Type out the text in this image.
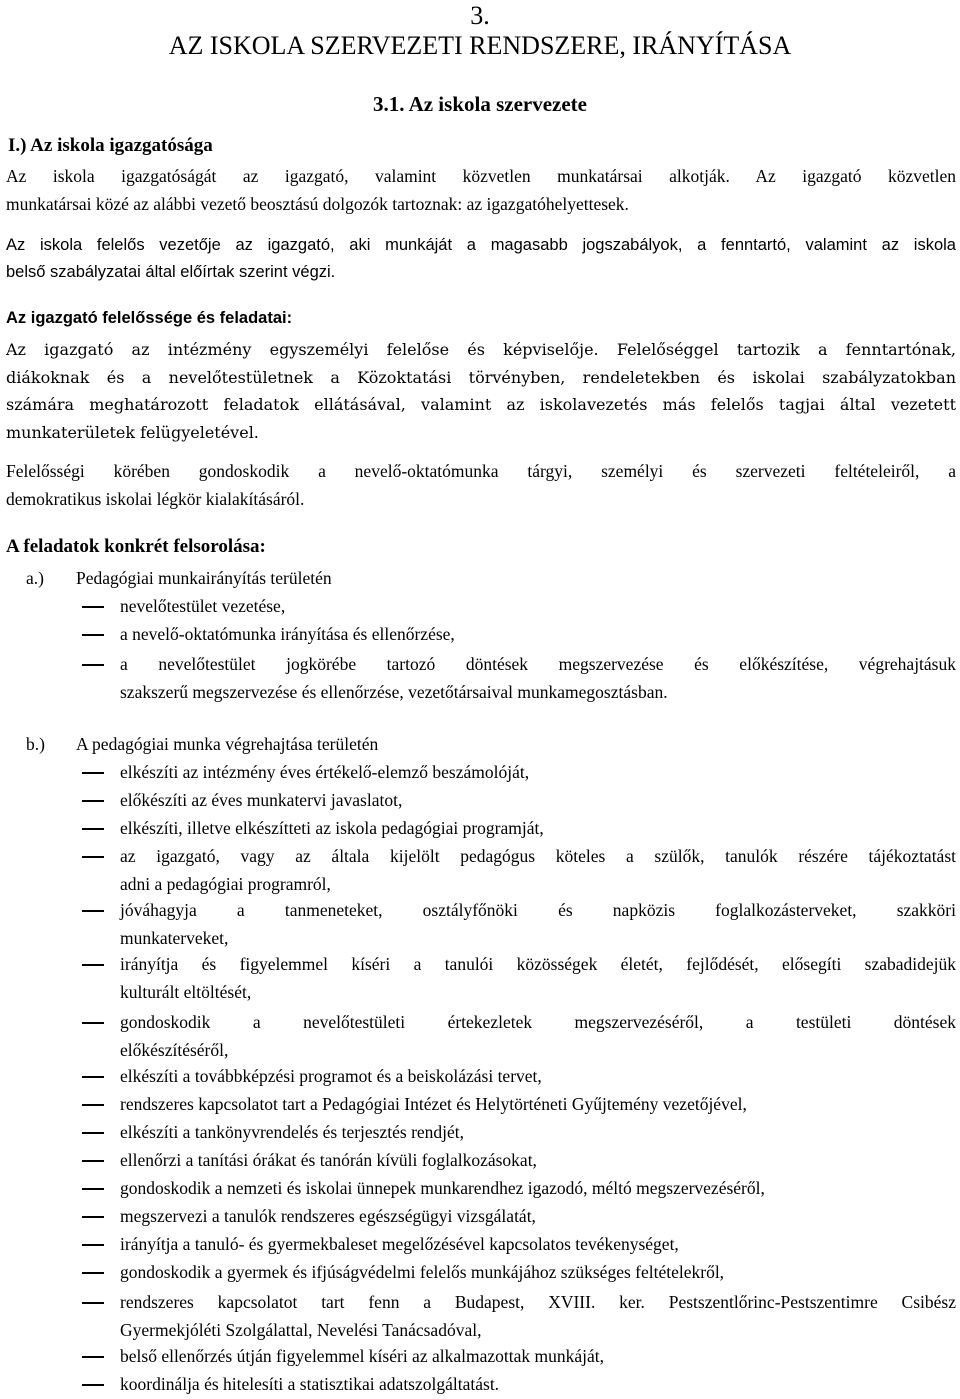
3.
AZ ISKOLA SZERVEZETI RENDSZERE, IRÁNYÍTÁSA
3.1. Az iskola szervezete
I.) Az iskola igazgatósága
Az iskola igazgatóságát az igazgató, valamint közvetlen munkatársai alkotják. Az igazgató közvetlen
munkatársai közé az alábbi vezető beosztású dolgozók tartoznak: az igazgatóhelyettesek.
Az iskola felelős vezetője az igazgató, aki munkáját a magasabb jogszabályok, a fenntartó, valamint az iskola
belső szabályzatai által előírtak szerint végzi.
Az igazgató felelőssége és feladatai:
Az igazgató az intézmény egyszemélyi felelőse és képviselője. Felelőséggel tartozik a fenntartónak,
diákoknak és a nevelőtestületnek a Közoktatási törvényben, rendeletekben és iskolai szabályzatokban
számára meghatározott feladatok ellátásával, valamint az iskolavezetés más felelős tagjai által vezetett
munkaterületek felügyeletével.
Felelősségi körében gondoskodik a nevelő-oktatómunka tárgyi, személyi és szervezeti feltételeiről, a
demokratikus iskolai légkör kialakításáról.
A feladatok konkrét felsorolása:
a.) Pedagógiai munkairányítás területén
nevelőtestület vezetése,
a nevelő-oktatómunka irányítása és ellenőrzése,
a nevelőtestület jogkörébe tartozó döntések megszervezése és előkészítése, végrehajtásuk
szakszerű megszervezése és ellenőrzése, vezetőtársaival munkamegosztásban.
b.) A pedagógiai munka végrehajtása területén
elkészíti az intézmény éves értékelő-elemző beszámolóját,
előkészíti az éves munkatervi javaslatot,
elkészíti, illetve elkészítteti az iskola pedagógiai programját,
az igazgató, vagy az általa kijelölt pedagógus köteles a szülők, tanulók részére tájékoztatást
adni a pedagógiai programról,
jóváhagyja a tanmeneteket, osztályfőnöki és napközis foglalkozásterveket, szakköri
munkaterveket,
irányítja és figyelemmel kíséri a tanulói közösségek életét, fejlődését, elősegíti szabadidejük
kulturált eltöltését,
gondoskodik a nevelőtestületi értekezletek megszervezéséről, a testületi döntések
előkészítéséről,
elkészíti a továbbképzési programot és a beiskolázási tervet,
rendszeres kapcsolatot tart a Pedagógiai Intézet és Helytörténeti Gyűjtemény vezetőjével,
elkészíti a tankönyvrendelés és terjesztés rendjét,
ellenőrzi a tanítási órákat és tanórán kívüli foglalkozásokat,
gondoskodik a nemzeti és iskolai ünnepek munkarendhez igazodó, méltó megszervezéséről,
megszervezi a tanulók rendszeres egészségügyi vizsgálatát,
irányítja a tanuló- és gyermekbaleset megelőzésével kapcsolatos tevékenységet,
gondoskodik a gyermek és ifjúságvédelmi felelős munkájához szükséges feltételekről,
rendszeres kapcsolatot tart fenn a Budapest, XVIII. ker. Pestszentlőrinc-Pestszentimre Csibész
Gyermekjóléti Szolgálattal, Nevelési Tanácsadóval,
belső ellenőrzés útján figyelemmel kíséri az alkalmazottak munkáját,
koordinálja és hitelesíti a statisztikai adatszolgáltatást.
